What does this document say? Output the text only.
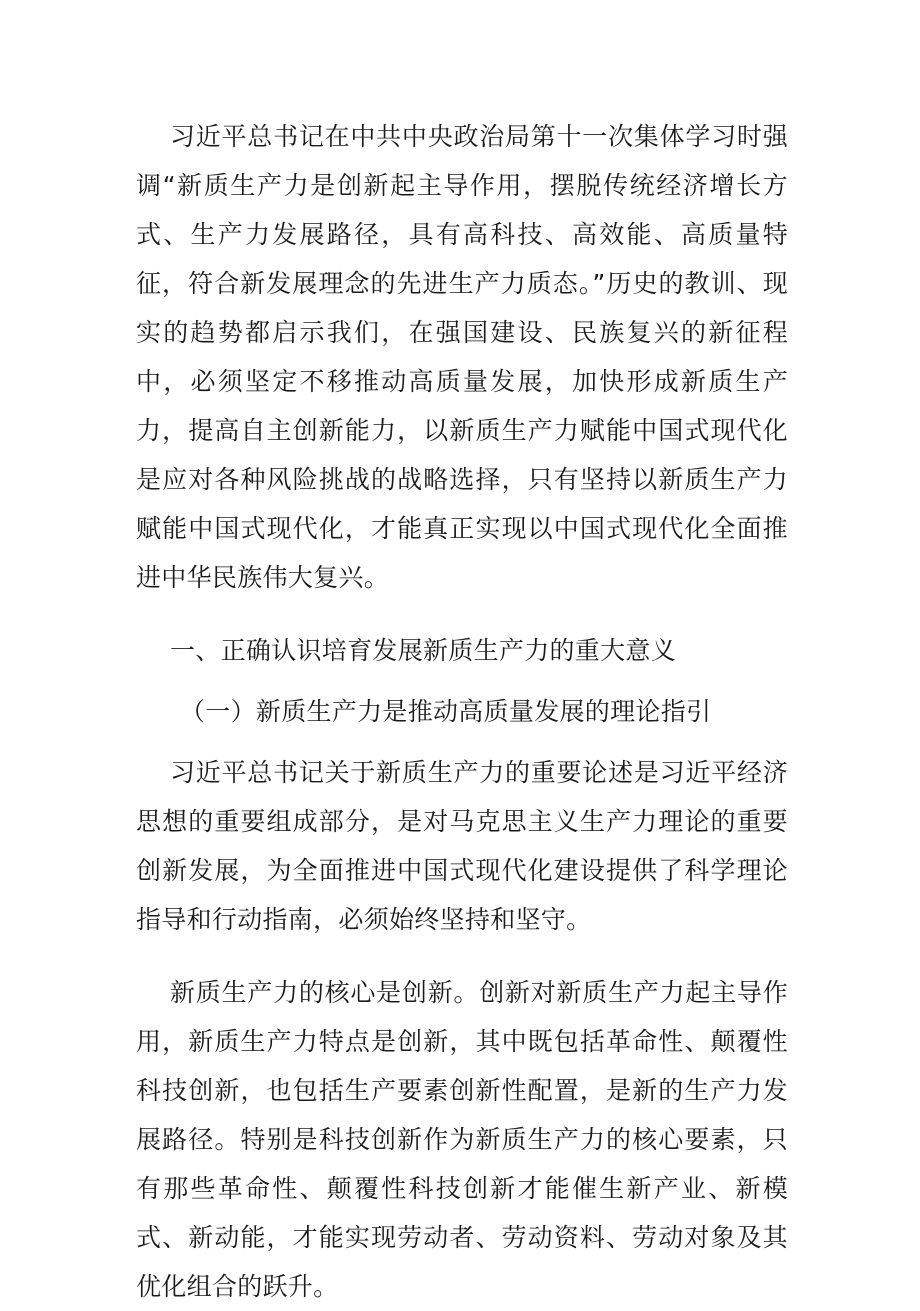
习近平总书记在中共中央政治局第十一次集体学习时强调“新质生产力是创新起主导作用，摆脱传统经济增长方式、生产力发展路径，具有高科技、高效能、高质量特征，符合新发展理念的先进生产力质态。”历史的教训、现实的趋势都启示我们，在强国建设、民族复兴的新征程中，必须坚定不移推动高质量发展，加快形成新质生产力，提高自主创新能力，以新质生产力赋能中国式现代化是应对各种风险挑战的战略选择，只有坚持以新质生产力赋能中国式现代化，才能真正实现以中国式现代化全面推进中华民族伟大复兴。

一、正确认识培育发展新质生产力的重大意义

（一）新质生产力是推动高质量发展的理论指引

习近平总书记关于新质生产力的重要论述是习近平经济思想的重要组成部分，是对马克思主义生产力理论的重要创新发展，为全面推进中国式现代化建设提供了科学理论指导和行动指南，必须始终坚持和坚守。

新质生产力的核心是创新。创新对新质生产力起主导作用，新质生产力特点是创新，其中既包括革命性、颠覆性科技创新，也包括生产要素创新性配置，是新的生产力发展路径。特别是科技创新作为新质生产力的核心要素，只有那些革命性、颠覆性科技创新才能催生新产业、新模式、新动能，才能实现劳动者、劳动资料、劳动对象及其优化组合的跃升。
